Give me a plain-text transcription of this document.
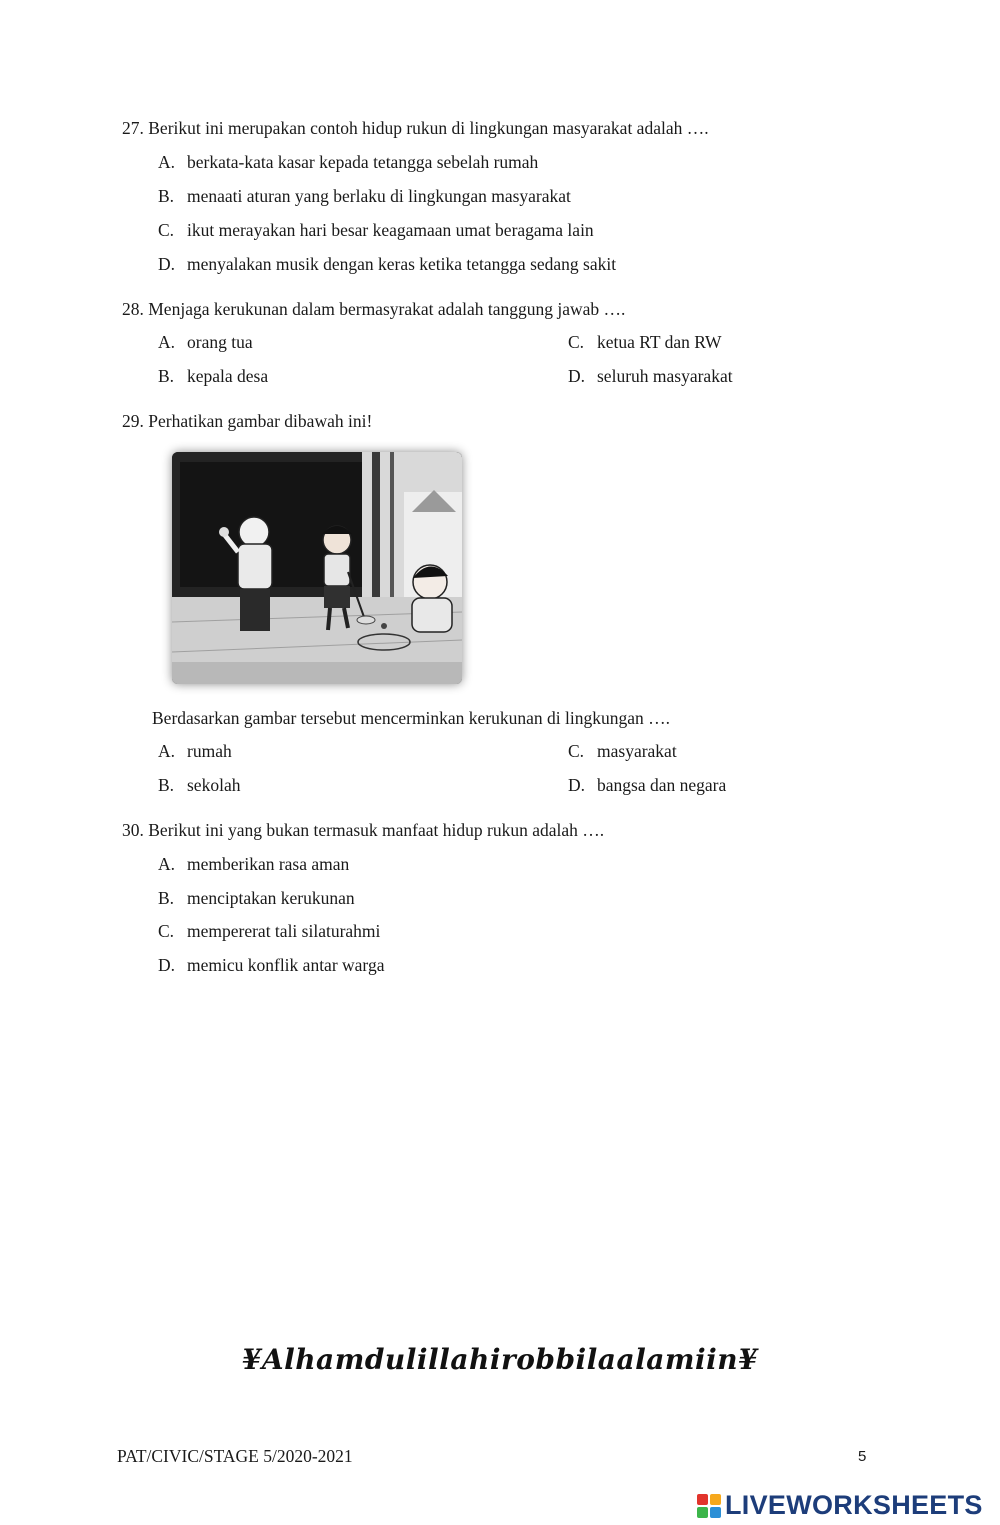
27. Berikut ini merupakan contoh hidup rukun di lingkungan masyarakat adalah ….
A. berkata-kata kasar kepada tetangga sebelah rumah
B. menaati aturan yang berlaku di lingkungan masyarakat
C. ikut merayakan hari besar keagamaan umat beragama lain
D. menyalakan musik dengan keras ketika tetangga sedang sakit
28. Menjaga kerukunan dalam bermasyrakat adalah tanggung jawab ….
A. orang tua
B. kepala desa
C. ketua RT dan RW
D. seluruh masyarakat
29. Perhatikan gambar dibawah ini!
Berdasarkan gambar tersebut mencerminkan kerukunan di lingkungan ….
A. rumah
B. sekolah
C. masyarakat
D. bangsa dan negara
30. Berikut ini yang bukan termasuk manfaat hidup rukun adalah ….
A. memberikan rasa aman
B. menciptakan kerukunan
C. mempererat tali silaturahmi
D. memicu konflik antar warga
¥Alhamdulillahirobbilaalamiin¥
PAT/CIVIC/STAGE 5/2020-2021	5
LIVEWORKSHEETS
